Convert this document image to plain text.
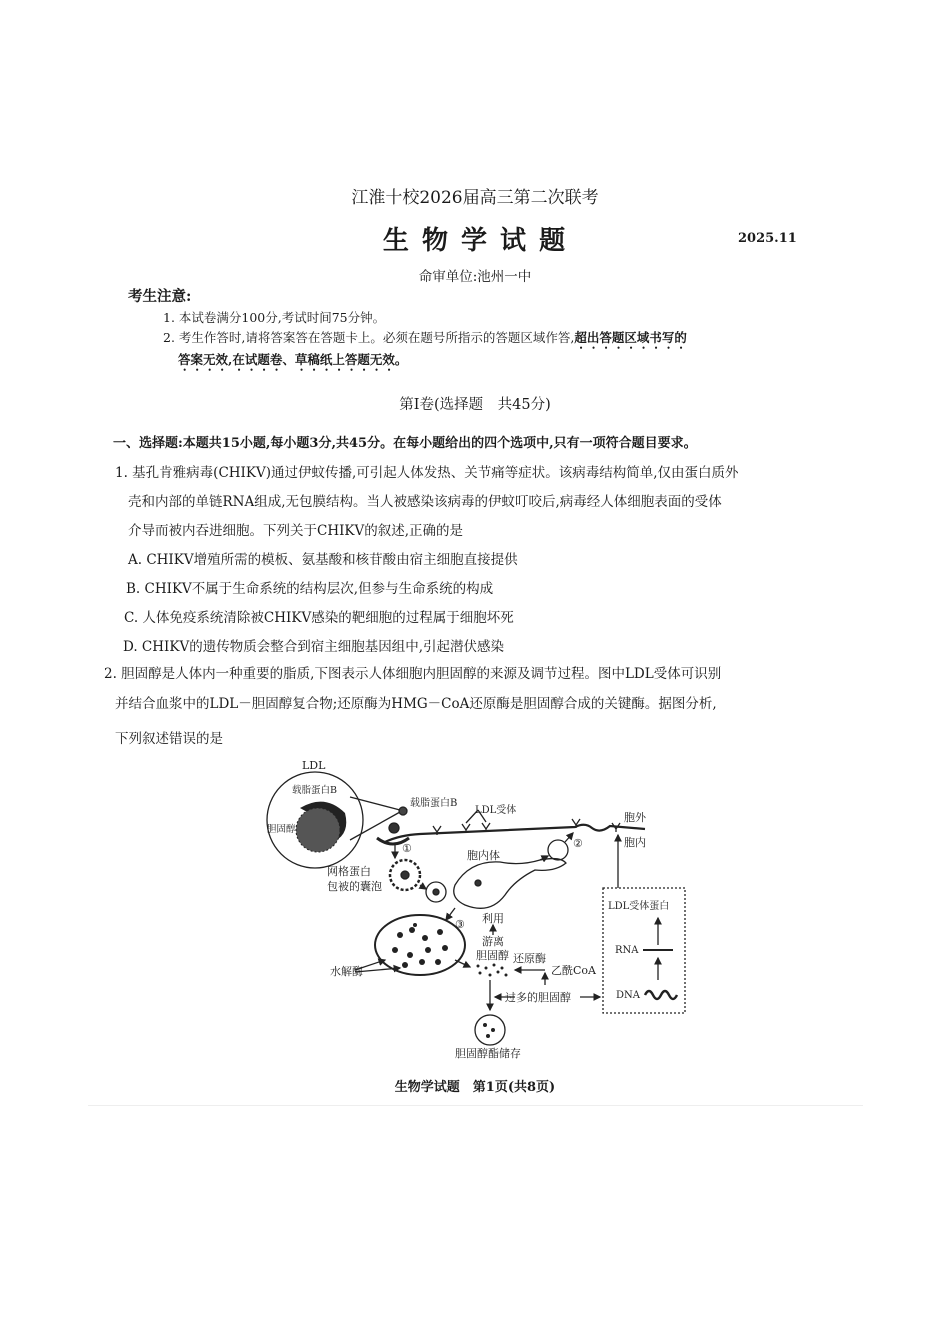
江淮十校2026届高三第二次联考
生 物 学 试 题	2025.11
命审单位:池州一中
考生注意:
1. 本试卷满分100分,考试时间75分钟。
2. 考生作答时,请将答案答在答题卡上。必须在题号所指示的答题区域作答,超出答题区域书写的
答案无效,在试题卷、草稿纸上答题无效。
第Ⅰ卷(选择题　共45分)
一、选择题:本题共15小题,每小题3分,共45分。在每小题给出的四个选项中,只有一项符合题目要求。
1. 基孔肯雅病毒(CHIKV)通过伊蚊传播,可引起人体发热、关节痛等症状。该病毒结构简单,仅由蛋白质外
壳和内部的单链RNA组成,无包膜结构。当人被感染该病毒的伊蚊叮咬后,病毒经人体细胞表面的受体
介导而被内吞进细胞。下列关于CHIKV的叙述,正确的是
A. CHIKV增殖所需的模板、氨基酸和核苷酸由宿主细胞直接提供
B. CHIKV不属于生命系统的结构层次,但参与生命系统的构成
C. 人体免疫系统清除被CHIKV感染的靶细胞的过程属于细胞坏死
D. CHIKV的遗传物质会整合到宿主细胞基因组中,引起潜伏感染
2. 胆固醇是人体内一种重要的脂质,下图表示人体细胞内胆固醇的来源及调节过程。图中LDL受体可识别
并结合血浆中的LDL－胆固醇复合物;还原酶为HMG－CoA还原酶是胆固醇合成的关键酶。据图分析,
下列叙述错误的是
LDL
载脂蛋白B
胆固醇
载脂蛋白B
LDL受体
胞外
胞内
①	②
③
网格蛋白
包被的囊泡
胞内体
利用
游离
胆固醇 还原酶
乙酰CoA
水解酶
过多的胆固醇
胆固醇酯储存
LDL受体蛋白
RNA
DNA
生物学试题　第1页(共8页)
